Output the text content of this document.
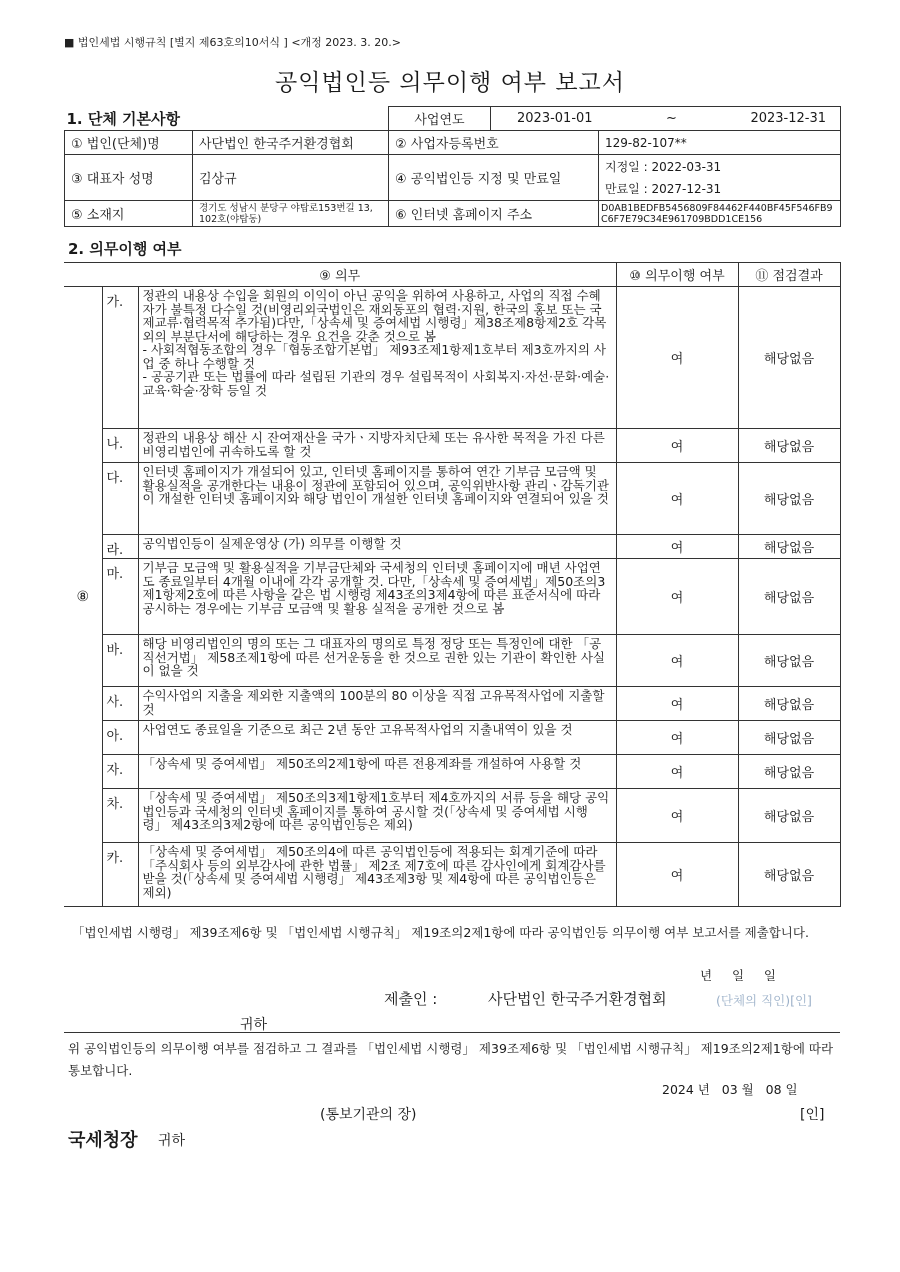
■ 법인세법 시행규칙 [별지 제63호의10서식 ] <개정 2023. 3. 20.>
공익법인등 의무이행 여부 보고서
1. 단체 기본사항		사업연도	2023-01-01 ~ 2023-12-31	

① 법인(단체)명	사단법인 한국주거환경협회	② 사업자등록번호		129-82-107**
③ 대표자 성명	김상규	④ 공익법인등 지정 및 만료일		지정일 : 2022-03-31
만료일 : 2027-12-31

⑤ 소재지	경기도 성남시 분당구 야탑로153번길 13, 102호(야탑동)	⑥ 인터넷 홈페이지 주소		D0AB1BEDFB5456809F84462F440BF45F546FB9C6F7E79C34E961709BDD1CE156
2. 의무이행 여부
⑨ 의무			⑩ 의무이행 여부	⑪ 점검결과
⑧	가.	정관의 내용상 수입을 회원의 이익이 아닌 공익을 위하여 사용하고, 사업의 직접 수혜자가 불특정 다수일 것(비영리외국법인은 재외동포의 협력·지원, 한국의 홍보 또는 국제교류·협력목적 추가됨)다만,「상속세 및 증여세법 시행령」제38조제8항제2호 각목 외의 부분단서에 해당하는 경우 요건을 갖춘 것으로 봄
- 사회적협동조합의 경우「협동조합기본법」 제93조제1항제1호부터 제3호까지의 사업 중 하나 수행할 것
- 공공기관 또는 법률에 따라 설립된 기관의 경우 설립목적이 사회복지·자선·문화·예술·교육·학술·장학 등일 것	여	해당없음
	나.	정관의 내용상 해산 시 잔여재산을 국가ㆍ지방자치단체 또는 유사한 목적을 가진 다른 비영리법인에 귀속하도록 할 것	여	해당없음
	다.	인터넷 홈페이지가 개설되어 있고, 인터넷 홈페이지를 통하여 연간 기부금 모금액 및 활용실적을 공개한다는 내용이 정관에 포함되어 있으며, 공익위반사항 관리ㆍ감독기관이 개설한 인터넷 홈페이지와 해당 법인이 개설한 인터넷 홈페이지와 연결되어 있을 것	여	해당없음
	라.	공익법인등이 실제운영상 (가) 의무를 이행할 것	여	해당없음
	마.	기부금 모금액 및 활용실적을 기부금단체와 국세청의 인터넷 홈페이지에 매년 사업연도 종료일부터 4개월 이내에 각각 공개할 것. 다만,「상속세 및 증여세법」제50조의3제1항제2호에 따른 사항을 같은 법 시행령 제43조의3제4항에 따른 표준서식에 따라 공시하는 경우에는 기부금 모금액 및 활용 실적을 공개한 것으로 봄	여	해당없음
	바.	해당 비영리법인의 명의 또는 그 대표자의 명의로 특정 정당 또는 특정인에 대한 「공직선거법」 제58조제1항에 따른 선거운동을 한 것으로 권한 있는 기관이 확인한 사실이 없을 것	여	해당없음
	사.	수익사업의 지출을 제외한 지출액의 100분의 80 이상을 직접 고유목적사업에 지출할 것	여	해당없음
	아.	사업연도 종료일을 기준으로 최근 2년 동안 고유목적사업의 지출내역이 있을 것	여	해당없음
	자.	「상속세 및 증여세법」 제50조의2제1항에 따른 전용계좌를 개설하여 사용할 것	여	해당없음
	차.	「상속세 및 증여세법」 제50조의3제1항제1호부터 제4호까지의 서류 등을 해당 공익법인등과 국세청의 인터넷 홈페이지를 통하여 공시할 것(「상속세 및 증여세법 시행령」 제43조의3제2항에 따른 공익법인등은 제외)	여	해당없음
	카.	「상속세 및 증여세법」 제50조의4에 따른 공익법인등에 적용되는 회계기준에 따라 「주식회사 등의 외부감사에 관한 법률」 제2조 제7호에 따른 감사인에게 회계감사를 받을 것(「상속세 및 증여세법 시행령」 제43조제3항 및 제4항에 따른 공익법인등은 제외)	여	해당없음
「법인세법 시행령」 제39조제6항 및 「법인세법 시행규칙」 제19조의2제1항에 따라 공익법인등 의무이행 여부 보고서를 제출합니다.
년     일     일
제출인 :	사단법인 한국주거환경협회	(단체의 직인)[인]
귀하
위 공익법인등의 의무이행 여부를 점검하고 그 결과를 「법인세법 시행령」 제39조제6항 및 「법인세법 시행규칙」 제19조의2제1항에 따라 통보합니다.
2024 년   03 월   08 일
(통보기관의 장)	[인]
국세청장 귀하
